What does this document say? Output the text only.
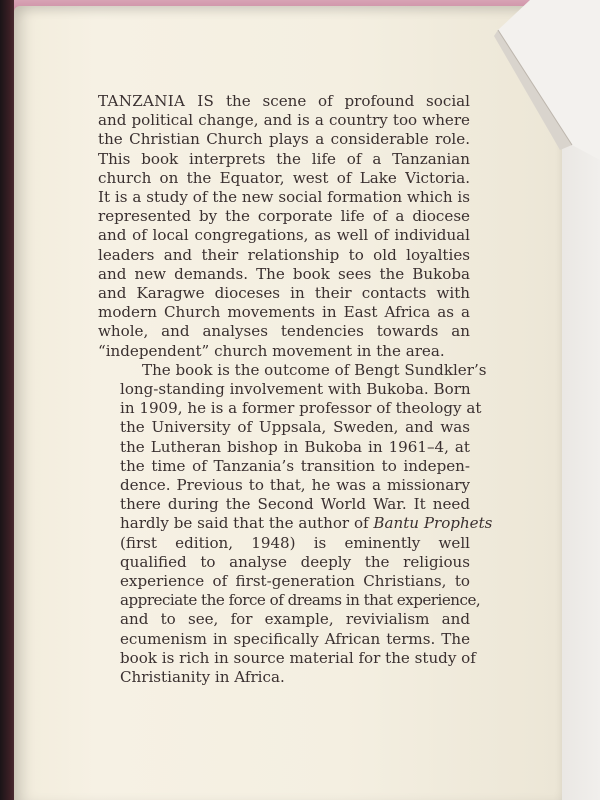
TANZANIA IS the scene of profound social
and political change, and is a country too where
the Christian Church plays a considerable role.
This book interprets the life of a Tanzanian
church on the Equator, west of Lake Victoria.
It is a study of the new social formation which is
represented by the corporate life of a diocese
and of local congregations, as well of individual
leaders and their relationship to old loyalties
and new demands. The book sees the Bukoba
and Karagwe dioceses in their contacts with
modern Church movements in East Africa as a
whole, and analyses tendencies towards an
“independent” church movement in the area.

The book is the outcome of Bengt Sundkler’s
long-standing involvement with Bukoba. Born
in 1909, he is a former professor of theology at
the University of Uppsala, Sweden, and was
the Lutheran bishop in Bukoba in 1961–4, at
the time of Tanzania’s transition to indepen-
dence. Previous to that, he was a missionary
there during the Second World War. It need
hardly be said that the author of Bantu Prophets
(first edition, 1948) is eminently well
qualified to analyse deeply the religious
experience of first-generation Christians, to
appreciate the force of dreams in that experience,
and to see, for example, revivialism and
ecumenism in specifically African terms. The
book is rich in source material for the study of
Christianity in Africa.
